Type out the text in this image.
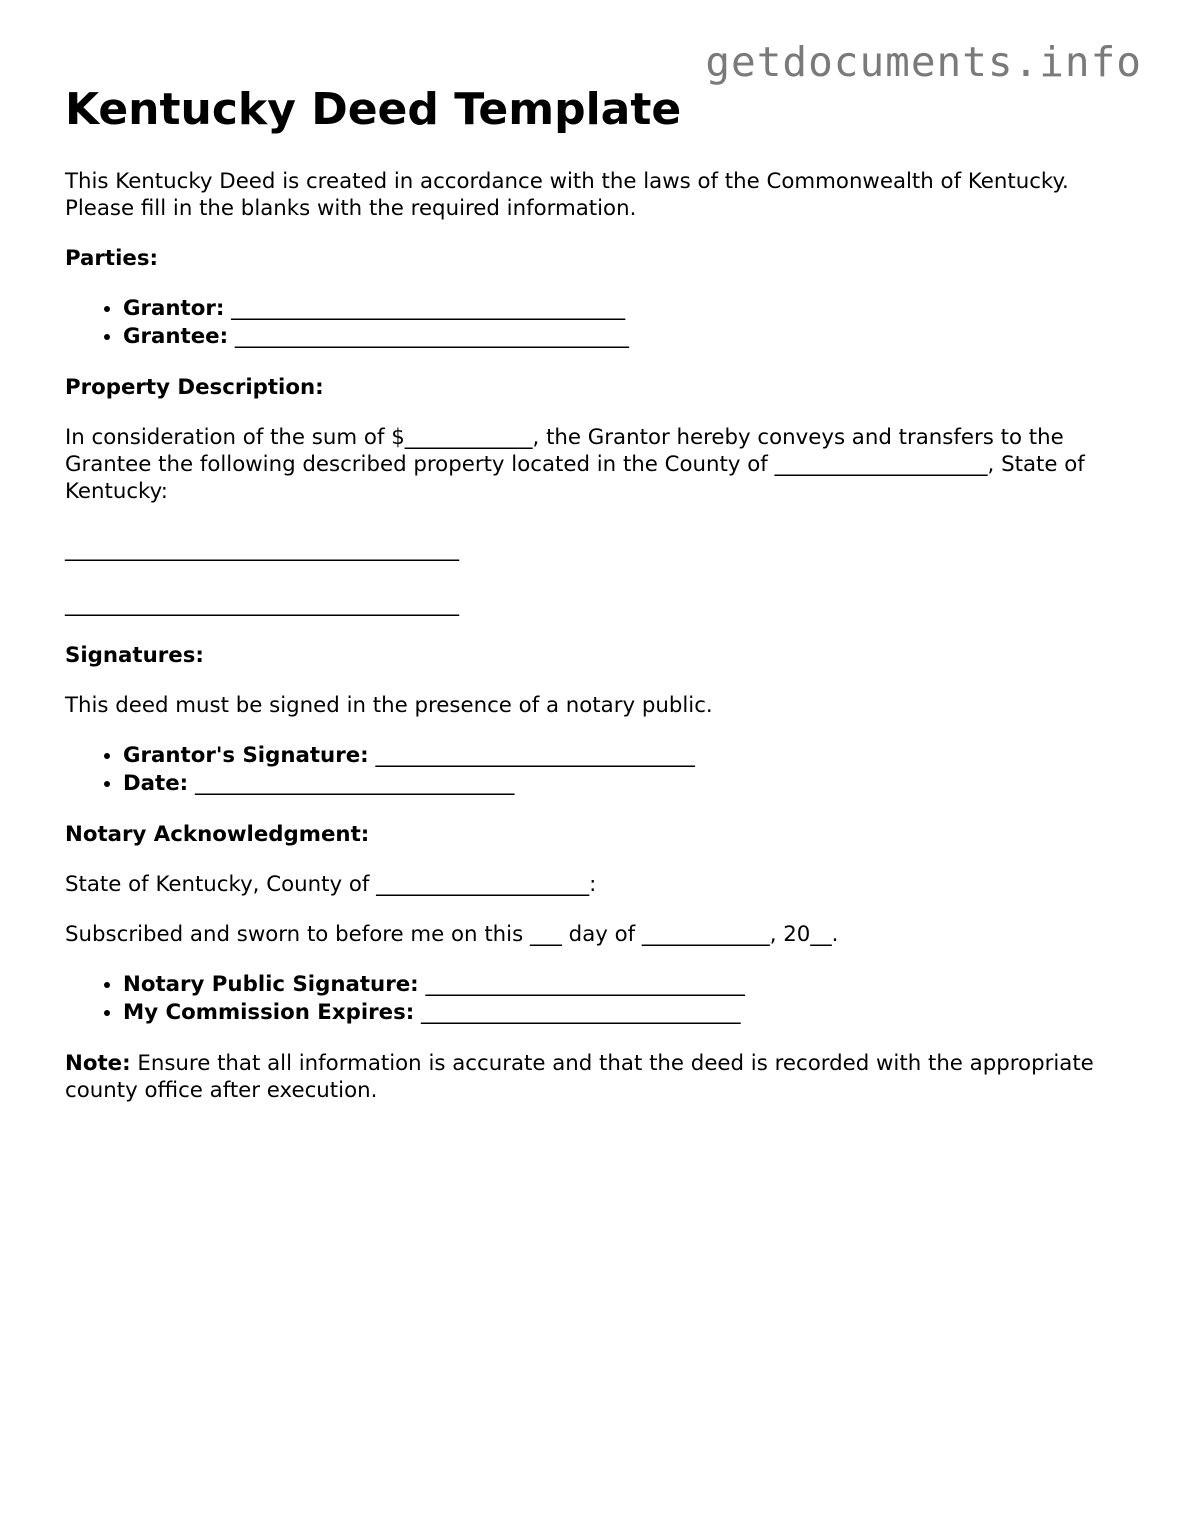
getdocuments.info
Kentucky Deed Template

This Kentucky Deed is created in accordance with the laws of the Commonwealth of Kentucky. Please fill in the blanks with the required information.

Parties:

• Grantor: _____________________________________
• Grantee: _____________________________________

Property Description:

In consideration of the sum of $____________, the Grantor hereby conveys and transfers to the Grantee the following described property located in the County of ____________________, State of Kentucky:

_____________________________________

_____________________________________

Signatures:

This deed must be signed in the presence of a notary public.

• Grantor's Signature: ______________________________
• Date: ______________________________

Notary Acknowledgment:

State of Kentucky, County of ____________________:

Subscribed and sworn to before me on this ___ day of ____________, 20__.

• Notary Public Signature: ______________________________
• My Commission Expires: ______________________________

Note: Ensure that all information is accurate and that the deed is recorded with the appropriate county office after execution.
